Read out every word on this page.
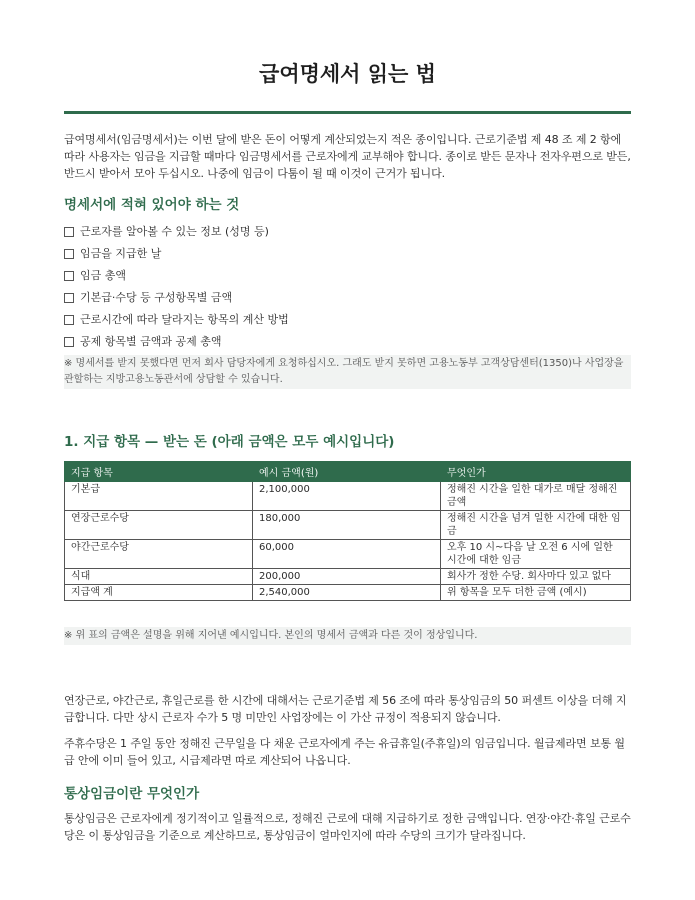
급여명세서 읽는 법

급여명세서(임금명세서)는 이번 달에 받은 돈이 어떻게 계산되었는지 적은 종이입니다. 근로기준법 제 48 조 제 2 항에 따라 사용자는 임금을 지급할 때마다 임금명세서를 근로자에게 교부해야 합니다. 종이로 받든 문자나 전자우편으로 받든, 반드시 받아서 모아 두십시오. 나중에 임금이 다툼이 될 때 이것이 근거가 됩니다.

명세서에 적혀 있어야 하는 것
근로자를 알아볼 수 있는 정보 (성명 등)
임금을 지급한 날
임금 총액
기본급·수당 등 구성항목별 금액
근로시간에 따라 달라지는 항목의 계산 방법
공제 항목별 금액과 공제 총액

※ 명세서를 받지 못했다면 먼저 회사 담당자에게 요청하십시오. 그래도 받지 못하면 고용노동부 고객상담센터(1350)나 사업장을 관할하는 지방고용노동관서에 상담할 수 있습니다.

1. 지급 항목 — 받는 돈 (아래 금액은 모두 예시입니다)
지급 항목	예시 금액(원)	무엇인가
기본급	2,100,000	정해진 시간을 일한 대가로 매달 정해진 금액
연장근로수당	180,000	정해진 시간을 넘겨 일한 시간에 대한 임금
야간근로수당	60,000	오후 10 시~다음 날 오전 6 시에 일한 시간에 대한 임금
식대	200,000	회사가 정한 수당. 회사마다 있고 없다
지급액 계	2,540,000	위 항목을 모두 더한 금액 (예시)

※ 위 표의 금액은 설명을 위해 지어낸 예시입니다. 본인의 명세서 금액과 다른 것이 정상입니다.

연장근로, 야간근로, 휴일근로를 한 시간에 대해서는 근로기준법 제 56 조에 따라 통상임금의 50 퍼센트 이상을 더해 지급합니다. 다만 상시 근로자 수가 5 명 미만인 사업장에는 이 가산 규정이 적용되지 않습니다.

주휴수당은 1 주일 동안 정해진 근무일을 다 채운 근로자에게 주는 유급휴일(주휴일)의 임금입니다. 월급제라면 보통 월급 안에 이미 들어 있고, 시급제라면 따로 계산되어 나옵니다.

통상임금이란 무엇인가

통상임금은 근로자에게 정기적이고 일률적으로, 정해진 근로에 대해 지급하기로 정한 금액입니다. 연장·야간·휴일 근로수당은 이 통상임금을 기준으로 계산하므로, 통상임금이 얼마인지에 따라 수당의 크기가 달라집니다.
